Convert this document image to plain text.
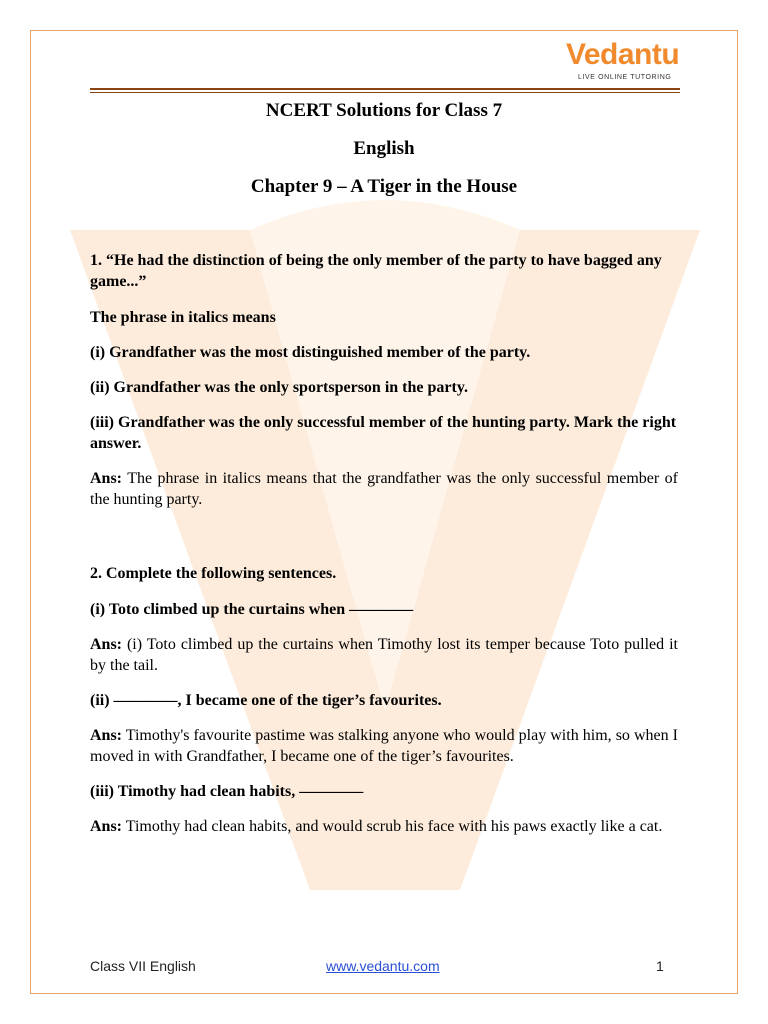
Vedantu
LIVE ONLINE TUTORING
NCERT Solutions for Class 7
English
Chapter 9 – A Tiger in the House

1. “He had the distinction of being the only member of the party to have bagged any game...”

The phrase in italics means

(i) Grandfather was the most distinguished member of the party.

(ii) Grandfather was the only sportsperson in the party.

(iii) Grandfather was the only successful member of the hunting party. Mark the right answer.

Ans: The phrase in italics means that the grandfather was the only successful member of the hunting party.

2. Complete the following sentences.

(i) Toto climbed up the curtains when ————

Ans: (i) Toto climbed up the curtains when Timothy lost its temper because Toto pulled it by the tail.

(ii) ————, I became one of the tiger’s favourites.

Ans: Timothy's favourite pastime was stalking anyone who would play with him, so when I moved in with Grandfather, I became one of the tiger’s favourites.

(iii) Timothy had clean habits, ————

Ans: Timothy had clean habits, and would scrub his face with his paws exactly like a cat.

Class VII English	www.vedantu.com	1
